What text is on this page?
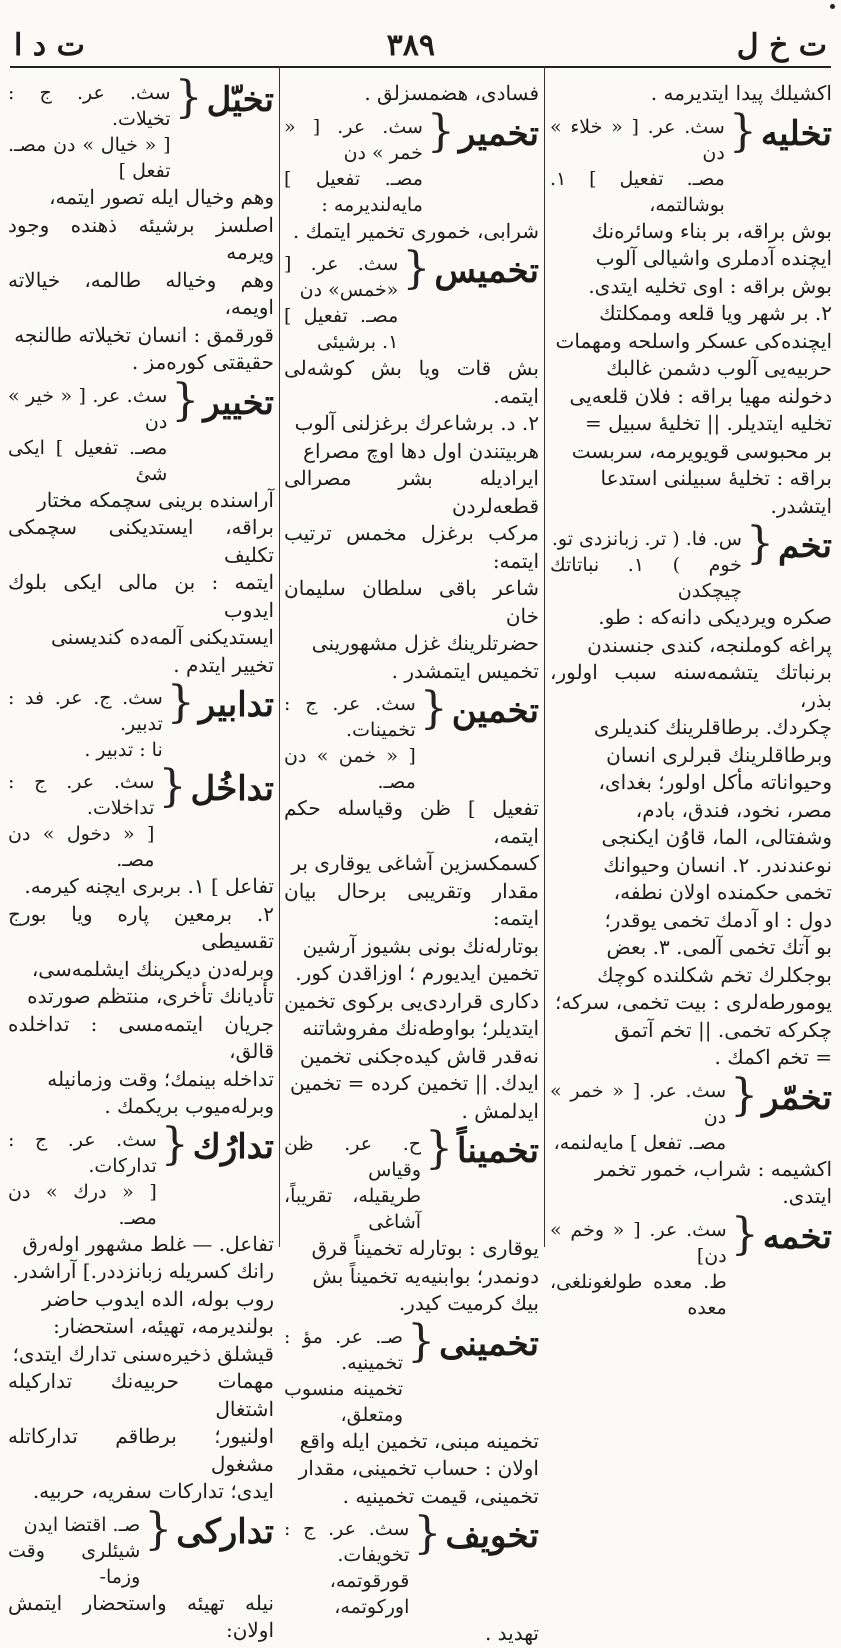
ت خ ل
٣٨٩
ت د ا
اكشيلك پيدا ايتديرمه .
تخليه
{
سث. عر. [ « خلاء » دن
مصـ. تفعيل ] ١. بوشالتمه،
بوش براقه، بر بناء وسائره‌نك
ايچنده آدملرى واشيالى آلوب
بوش براقه : اوى تخليه ايتدى.
٢. بر شهر ويا قلعه وممكلتك
ايچنده‌كى عسكر واسلحه ومهمات
حربيه‌يى آلوب دشمن غالبك
دخولنه مهيا براقه : فلان قلعه‌يى
تخليه ايتديلر. || تخليهٔ سبيل =
بر محبوسى قويويرمه، سربست
براقه : تخليهٔ سبيلنى استدعا
ايتشدر.
تخم
{
س. فا. ( تر. زبانزدى تو.
خوم ) ١. نباتاتك چيچكدن
صكره ويرديكى دانه‌كه : طو.
پراغه كوملنجه، كندى جنسندن
برنباتك يتشمه‌سنه سبب اولور، بذر،
چكردك. برطاقلرينك كنديلرى
وبرطاقلرينك قبرلرى انسان
وحيواناته مأكل اولور؛ بغداى،
مصر، نخود، فندق، بادم،
وشفتالى، الما، قاوُن ايكنجى
نوعندندر. ٢. انسان وحيوانك
تخمى حكمنده اولان نطفه،
دول : او آدمك تخمى يوقدر؛
بو آتك تخمى آلمى. ٣. بعض
بوجكلرك تخم شكلنده كوچك
يومورطه‌لرى : بيت تخمى، سركه؛
چكركه تخمى. || تخم آتمق
= تخم اكمك .
تخمّر
{
سث. عر. [ « خمر » دن
مصـ. تفعل ] مايه‌لنمه،
اكشيمه : شراب، خمور تخمر
ايتدى.
تخمه
{
سث. عر. [ « وخم » دن]
ط. معده طولغونلغى، معده
فسادى، هضمسزلق .
تخمير
{
سث. عر. [ « خمر » دن
مصـ. تفعيل ] مايه‌لنديرمه :
شرابى، خمورى تخمير ايتمك .
تخميس
{
سث. عر. [ «خمس» دن
مصـ. تفعيل ] ١. برشيئى
بش قات ويا بش كوشه‌لى ايتمه.
٢. د. برشاعرك برغزلنى آلوب
هربيتندن اول دها اوچ مصراع
ايراديله بشر مصرالى قطعه‌لردن
مركب برغزل مخمس ترتيب ايتمه:
شاعر باقى سلطان سليمان خان
حضرتلرينك غزل مشهورينى
تخميس ايتمشدر .
تخمين
{
سث. عر. ج : تخمينات.
[ « خمن » دن مصـ.
تفعيل ] ظن وقياسله حكم ايتمه،
كسمكسزين آشاغى يوقارى بر
مقدار وتقريبى برحال بيان ايتمه:
بوتارله‌نك بونى بشيوز آرشين
تخمين ايديورم ؛ اوزاقدن كور.
دكارى قراردى‌يى بركوى تخمين
ايتديلر؛ بواوطه‌نك مفروشاتنه
نه‌قدر قاش كيده‌جكنى تخمين
ايدك. || تخمين كرده = تخمين
ايدلمش .
تخميناً
{
ح. عر. ظن وقياس
طريقيله، تقريباً، آشاغى
يوقارى : بوتارله تخميناً قرق
دونمدر؛ بوابنيه‌يه تخميناً بش
بيك كرميت كيدر.
تخمينى
{
صـ. عر. مؤ : تخمينيه.
تخمينه منسوب ومتعلق،
تخمينه مبنى، تخمين ايله واقع
اولان : حساب تخمينى، مقدار
تخمينى، قيمت تخمينيه .
تخويف
{
سث. عر. ج : تخويفات.
قورقوتمه، اوركوتمه،
تهديد .
تخيّل
{
سث. عر. ج : تخيلات.
[ « خيال » دن مصـ. تفعل ]
وهم وخيال ايله تصور ايتمه،
اصلسز برشيئه ذهنده وجود ويرمه
وهم وخياله طالمه، خيالاته اويمه،
قورقمق : انسان تخيلاته طالنجه
حقيقتى كوره‌مز .
تخيير
{
سث. عر. [ « خير » دن
مصـ. تفعيل ] ايكى شئ
آراسنده برينى سچمكه مختار
براقه، ايستديكنى سچمكى تكليف
ايتمه : بن مالى ايكى بلوك ايدوب
ايستديكنى آلمه‌ده كنديسنى
تخيير ايتدم .
تدابير
{
سث. ج. عر. فد : تدبير.
نا : تدبير .
تداخُل
{
سث. عر. ج : تداخلات.
[ « دخول » دن مصـ.
تفاعل ] ١. بربرى ايچنه كيرمه.
٢. برمعين پاره ويا بورج تقسيطى
وبرله‌دن ديكرينك ايشلمه‌سى،
تأديانك تأخرى، منتظم صورتده
جريان ايتمه‌مسى : تداخلده قالق،
تداخله بينمك؛ وقت وزمانيله
وبرله‌ميوب بريكمك .
تدارُك
{
سث. عر. ج : تداركات.
[ « درك » دن مصـ.
تفاعل. — غلط مشهور اوله‌رق
رانك كسريله زبانزددر.] آراشدر.
روب بوله، الده ايدوب حاضر
بولنديرمه، تهيئه، استحضار:
قيشلق ذخيره‌سنى تدارك ايتدى؛
مهمات حربيه‌نك تداركيله اشتغال
اولنيور؛ برطاقم تداركاتله مشغول
ايدى؛ تداركات سفريه، حربيه.
تداركى
{
صـ. اقتضا ايدن
شيئلرى وقت وزما-
نيله تهيئه واستحضار ايتمش اولان:
